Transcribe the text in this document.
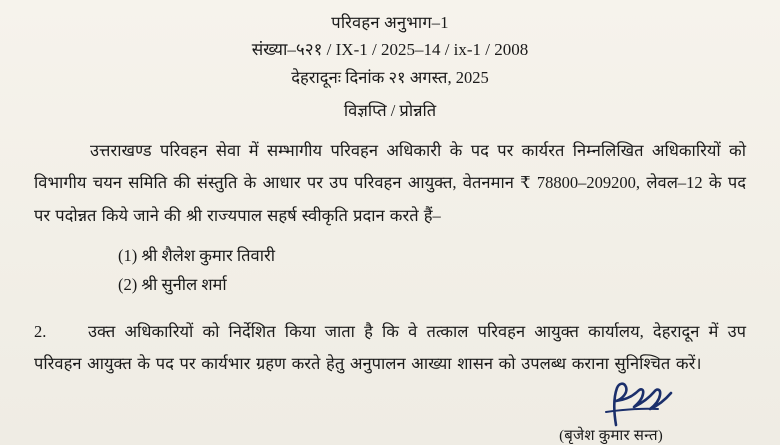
परिवहन अनुभाग–1
संख्या–५२१ / IX-1 / 2025–14 / ix-1 / 2008
देहरादूनः दिनांक २१ अगस्त, 2025
विज्ञप्ति / प्रोन्नति
उत्तराखण्ड परिवहन सेवा में सम्भागीय परिवहन अधिकारी के पद पर कार्यरत निम्नलिखित अधिकारियों को विभागीय चयन समिति की संस्तुति के आधार पर उप परिवहन आयुक्त, वेतनमान ₹ 78800–209200, लेवल–12 के पद पर पदोन्नत किये जाने की श्री राज्यपाल सहर्ष स्वीकृति प्रदान करते हैं–
(1) श्री शैलेश कुमार तिवारी
(2) श्री सुनील शर्मा
2.	उक्त अधिकारियों को निर्देशित किया जाता है कि वे तत्काल परिवहन आयुक्त कार्यालय, देहरादून में उप परिवहन आयुक्त के पद पर कार्यभार ग्रहण करते हेतु अनुपालन आख्या शासन को उपलब्ध कराना सुनिश्चित करें।
(बृजेश कुमार सन्त)
